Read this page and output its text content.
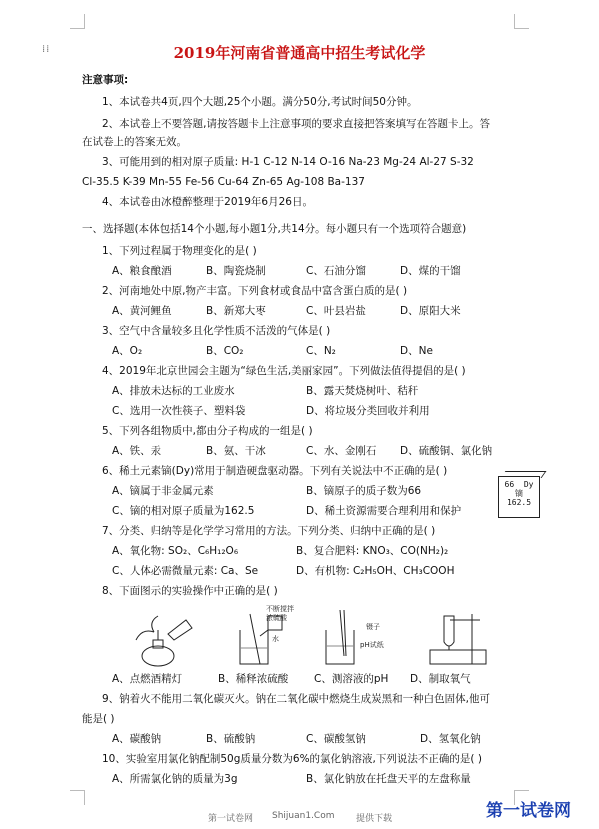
⁞⁞	2019年河南省普通高中招生考试化学
注意事项:
1、本试卷共4页,四个大题,25个小题。满分50分,考试时间50分钟。
2、本试卷上不要答题,请按答题卡上注意事项的要求直接把答案填写在答题卡上。答
在试卷上的答案无效。
3、可能用到的相对原子质量: H-1 C-12 N-14 O-16 Na-23 Mg-24 Al-27 S-32
Cl-35.5 K-39 Mn-55 Fe-56 Cu-64 Zn-65 Ag-108 Ba-137
4、本试卷由冰橙醉整理于2019年6月26日。
一、选择题(本体包括14个小题,每小题1分,共14分。每小题只有一个选项符合题意)
1、下列过程属于物理变化的是( )
A、粮食酿酒	B、陶瓷烧制	C、石油分馏	D、煤的干馏
2、河南地处中原,物产丰富。下列食材或食品中富含蛋白质的是( )
A、黄河鲤鱼	B、新郑大枣	C、叶县岩盐	D、原阳大米
3、空气中含量较多且化学性质不活泼的气体是( )
A、O₂	B、CO₂	C、N₂	D、Ne
4、2019年北京世园会主题为“绿色生活,美丽家园”。下列做法值得提倡的是( )
A、排放未达标的工业废水	B、露天焚烧树叶、秸秆
C、选用一次性筷子、塑料袋	D、将垃圾分类回收并利用
5、下列各组物质中,都由分子构成的一组是( )
A、铁、汞	B、氨、干冰	C、水、金刚石 D、硫酸铜、氯化钠
6、稀土元素镝(Dy)常用于制造硬盘驱动器。下列有关说法中不正确的是( )
A、镝属于非金属元素	B、镝原子的质子数为66
C、镝的相对原子质量为162.5	D、稀土资源需要合理利用和保护
66 Dy
镝
162.5
7、分类、归纳等是化学学习常用的方法。下列分类、归纳中正确的是( )
A、氧化物: SO₂、C₆H₁₂O₆	B、复合肥料: KNO₃、CO(NH₂)₂
C、人体必需微量元素: Ca、Se	D、有机物: C₂H₅OH、CH₃COOH
8、下面图示的实验操作中正确的是( )
不断搅拌
浓硫酸
水
镊子
pH试纸
A、点燃酒精灯	B、稀释浓硫酸 C、测溶液的pH D、制取氧气
9、钠着火不能用二氧化碳灭火。钠在二氧化碳中燃烧生成炭黑和一种白色固体,他可
能是( )
A、碳酸钠	B、硫酸钠	C、碳酸氢钠	D、氢氧化钠
10、实验室用氯化钠配制50g质量分数为6%的氯化钠溶液,下列说法不正确的是( )
A、所需氯化钠的质量为3g	B、氯化钠放在托盘天平的左盘称量
第一试卷网 Shijuan1.Com 提供下载	第一试卷网
